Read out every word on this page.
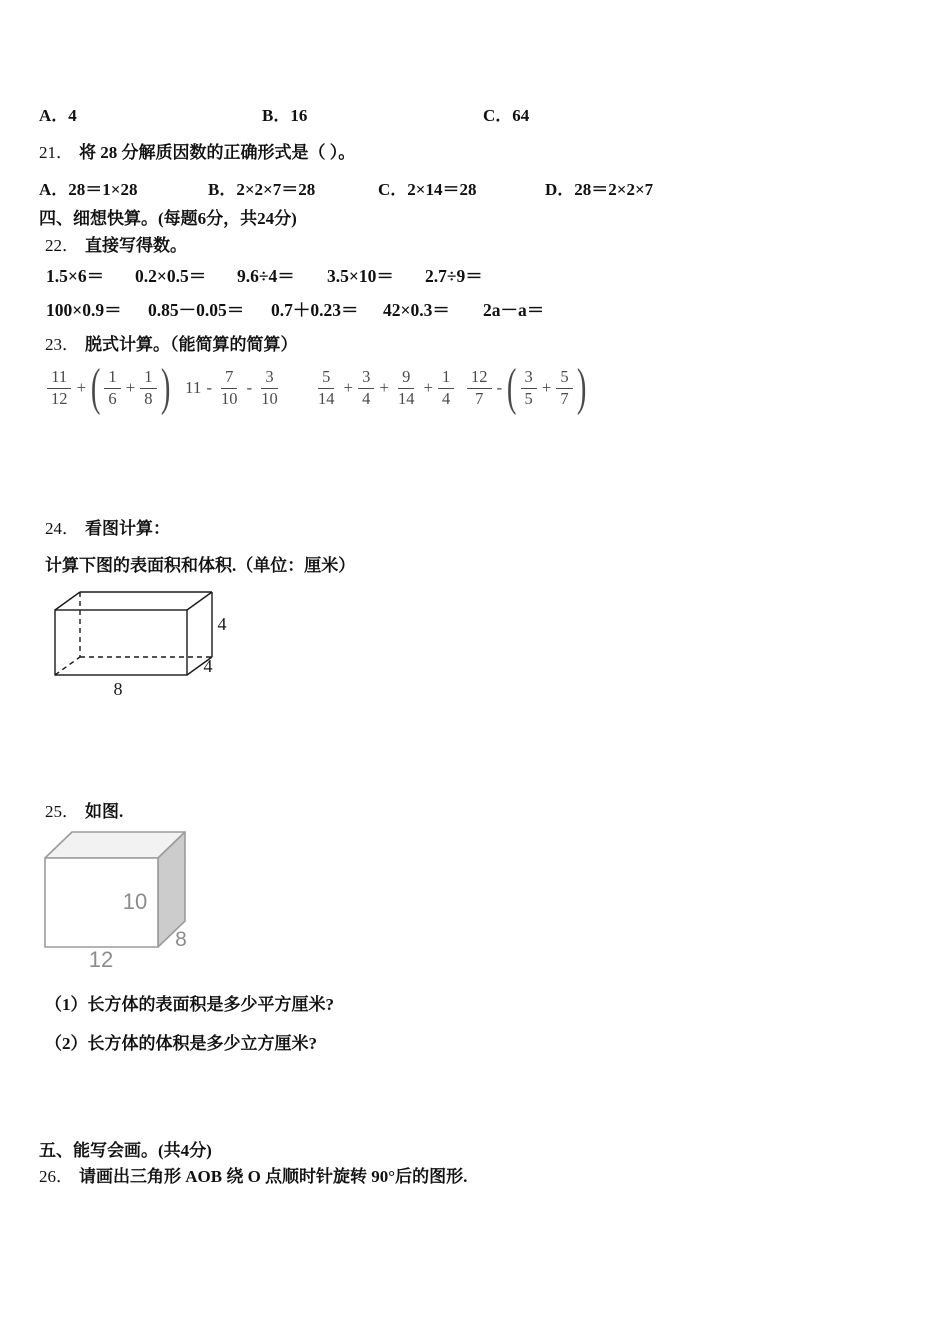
A．4	B．16	C．64
21． 将 28 分解质因数的正确形式是（ ）。
A．28＝1×28	B．2×2×7＝28	C．2×14＝28	D．28＝2×2×7
四、细想快算。(每题6分，共24分)
22． 直接写得数。
1.5×6＝ 0.2×0.5＝ 9.6÷4＝ 3.5×10＝ 2.7÷9＝
100×0.9＝ 0.85－0.05＝ 0.7＋0.23＝ 42×0.3＝ 2a－a＝
23． 脱式计算。（能简算的简算）
$\frac{11}{12}$ + ( $\frac{1}{6} + \frac{1}{8}$ ) $11 - \frac{7}{10} - \frac{3}{10} \frac{5}{14} + \frac{3}{4} + \frac{9}{14} + \frac{1}{4} \frac{12}{7}$ - ( $\frac{3}{5} + \frac{5}{7}$ )
24． 看图计算：
计算下图的表面积和体积.（单位：厘米）
4
4
8
25． 如图.
10
8
12
（1）长方体的表面积是多少平方厘米?
（2）长方体的体积是多少立方厘米?
五、能写会画。(共4分)
26． 请画出三角形 AOB 绕 O 点顺时针旋转 90°后的图形.
